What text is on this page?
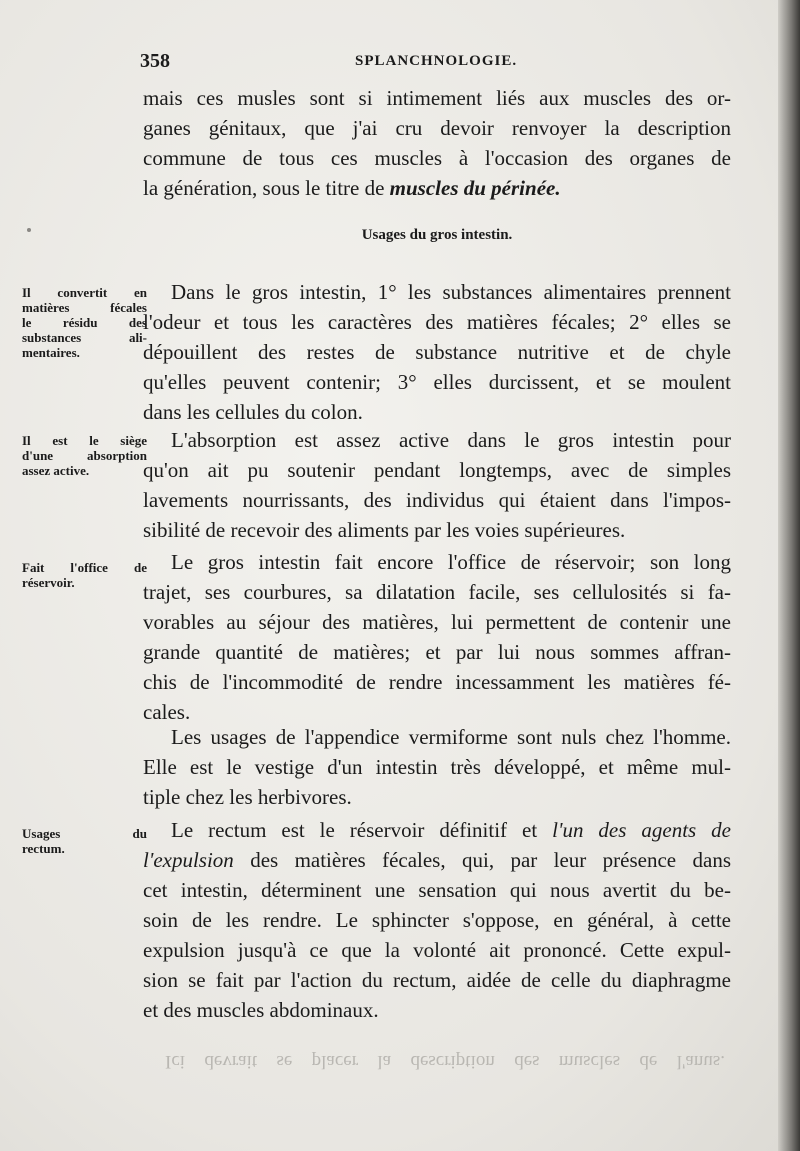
358	SPLANCHNOLOGIE.
mais ces musles sont si intimement liés aux muscles des or-
ganes génitaux, que j'ai cru devoir renvoyer la description
commune de tous ces muscles à l'occasion des organes de
la génération, sous le titre de muscles du périnée.
Usages du gros intestin.
Il convertit en
matières fécales
le résidu des
substances ali-
mentaires.
Dans le gros intestin, 1° les substances alimentaires prennent
l'odeur et tous les caractères des matières fécales; 2° elles se
dépouillent des restes de substance nutritive et de chyle
qu'elles peuvent contenir; 3° elles durcissent, et se moulent
dans les cellules du colon.
Il est le siège
d'une absorption
assez active.
L'absorption est assez active dans le gros intestin pour
qu'on ait pu soutenir pendant longtemps, avec de simples
lavements nourrissants, des individus qui étaient dans l'impos-
sibilité de recevoir des aliments par les voies supérieures.
Fait l'office de
réservoir.
Le gros intestin fait encore l'office de réservoir; son long
trajet, ses courbures, sa dilatation facile, ses cellulosités si fa-
vorables au séjour des matières, lui permettent de contenir une
grande quantité de matières; et par lui nous sommes affran-
chis de l'incommodité de rendre incessamment les matières fé-
cales.
Les usages de l'appendice vermiforme sont nuls chez l'homme.
Elle est le vestige d'un intestin très développé, et même mul-
tiple chez les herbivores.
Usages du
rectum.
Le rectum est le réservoir définitif et l'un des agents de
l'expulsion des matières fécales, qui, par leur présence dans
cet intestin, déterminent une sensation qui nous avertit du be-
soin de les rendre. Le sphincter s'oppose, en général, à cette
expulsion jusqu'à ce que la volonté ait prononcé. Cette expul-
sion se fait par l'action du rectum, aidée de celle du diaphragme
et des muscles abdominaux.
Ici devrait se placer la description des muscles de l'anus.
